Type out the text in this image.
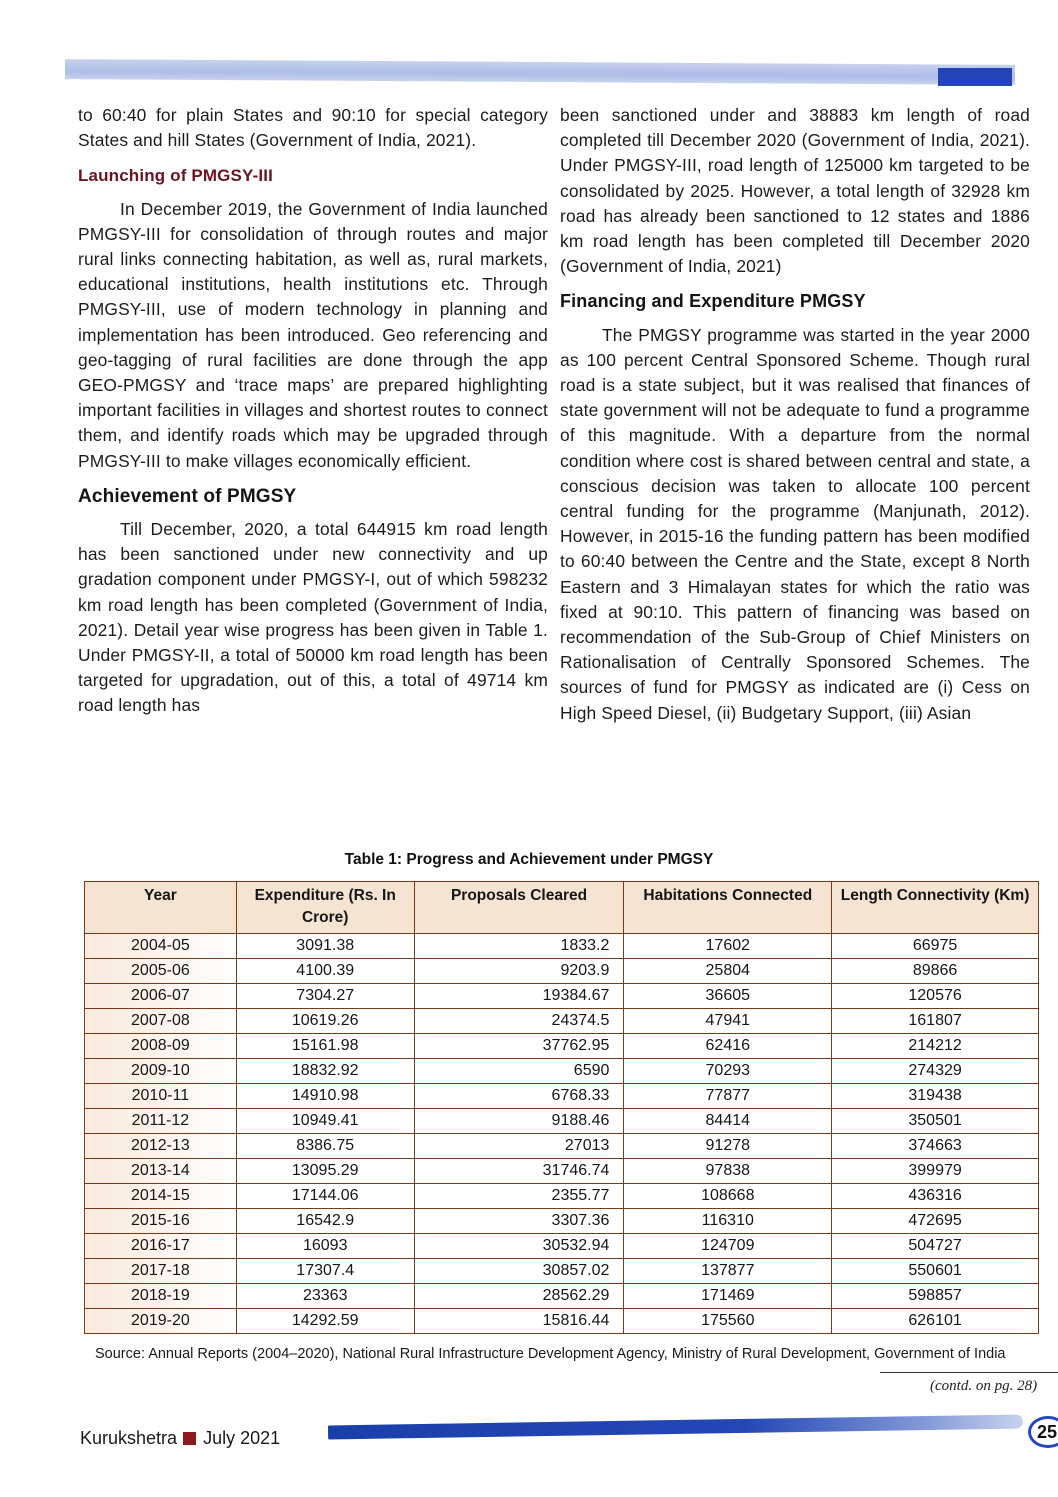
to 60:40 for plain States and 90:10 for special category States and hill States (Government of India, 2021).

Launching of PMGSY-III

In December 2019, the Government of India launched PMGSY-III for consolidation of through routes and major rural links connecting habitation, as well as, rural markets, educational institutions, health institutions etc. Through PMGSY-III, use of modern technology in planning and implementation has been introduced. Geo referencing and geo-tagging of rural facilities are done through the app GEO-PMGSY and ‘trace maps’ are prepared highlighting important facilities in villages and shortest routes to connect them, and identify roads which may be upgraded through PMGSY-III to make villages economically efficient.

Achievement of PMGSY

Till December, 2020, a total 644915 km road length has been sanctioned under new connectivity and up gradation component under PMGSY-I, out of which 598232 km road length has been completed (Government of India, 2021). Detail year wise progress has been given in Table 1. Under PMGSY-II, a total of 50000 km road length has been targeted for upgradation, out of this, a total of 49714 km road length has

been sanctioned under and 38883 km length of road completed till December 2020 (Government of India, 2021). Under PMGSY-III, road length of 125000 km targeted to be consolidated by 2025. However, a total length of 32928 km road has already been sanctioned to 12 states and 1886 km road length has been completed till December 2020 (Government of India, 2021)

Financing and Expenditure PMGSY

The PMGSY programme was started in the year 2000 as 100 percent Central Sponsored Scheme. Though rural road is a state subject, but it was realised that finances of state government will not be adequate to fund a programme of this magnitude. With a departure from the normal condition where cost is shared between central and state, a conscious decision was taken to allocate 100 percent central funding for the programme (Manjunath, 2012). However, in 2015-16 the funding pattern has been modified to 60:40 between the Centre and the State, except 8 North Eastern and 3 Himalayan states for which the ratio was fixed at 90:10. This pattern of financing was based on recommendation of the Sub-Group of Chief Ministers on Rationalisation of Centrally Sponsored Schemes. The sources of fund for PMGSY as indicated are (i) Cess on High Speed Diesel, (ii) Budgetary Support, (iii) Asian

Table 1: Progress and Achievement under PMGSY
Year	Expenditure (Rs. In Crore)	Proposals Cleared	Habitations Connected	Length Connectivity (Km)
2004-05	3091.38	1833.2	17602	66975
2005-06	4100.39	9203.9	25804	89866
2006-07	7304.27	19384.67	36605	120576
2007-08	10619.26	24374.5	47941	161807
2008-09	15161.98	37762.95	62416	214212
2009-10	18832.92	6590	70293	274329
2010-11	14910.98	6768.33	77877	319438
2011-12	10949.41	9188.46	84414	350501
2012-13	8386.75	27013	91278	374663
2013-14	13095.29	31746.74	97838	399979
2014-15	17144.06	2355.77	108668	436316
2015-16	16542.9	3307.36	116310	472695
2016-17	16093	30532.94	124709	504727
2017-18	17307.4	30857.02	137877	550601
2018-19	23363	28562.29	171469	598857
2019-20	14292.59	15816.44	175560	626101
Source: Annual Reports (2004–2020), National Rural Infrastructure Development Agency, Ministry of Rural Development, Government of India
(contd. on pg. 28)
Kurukshetra July 2021	25
